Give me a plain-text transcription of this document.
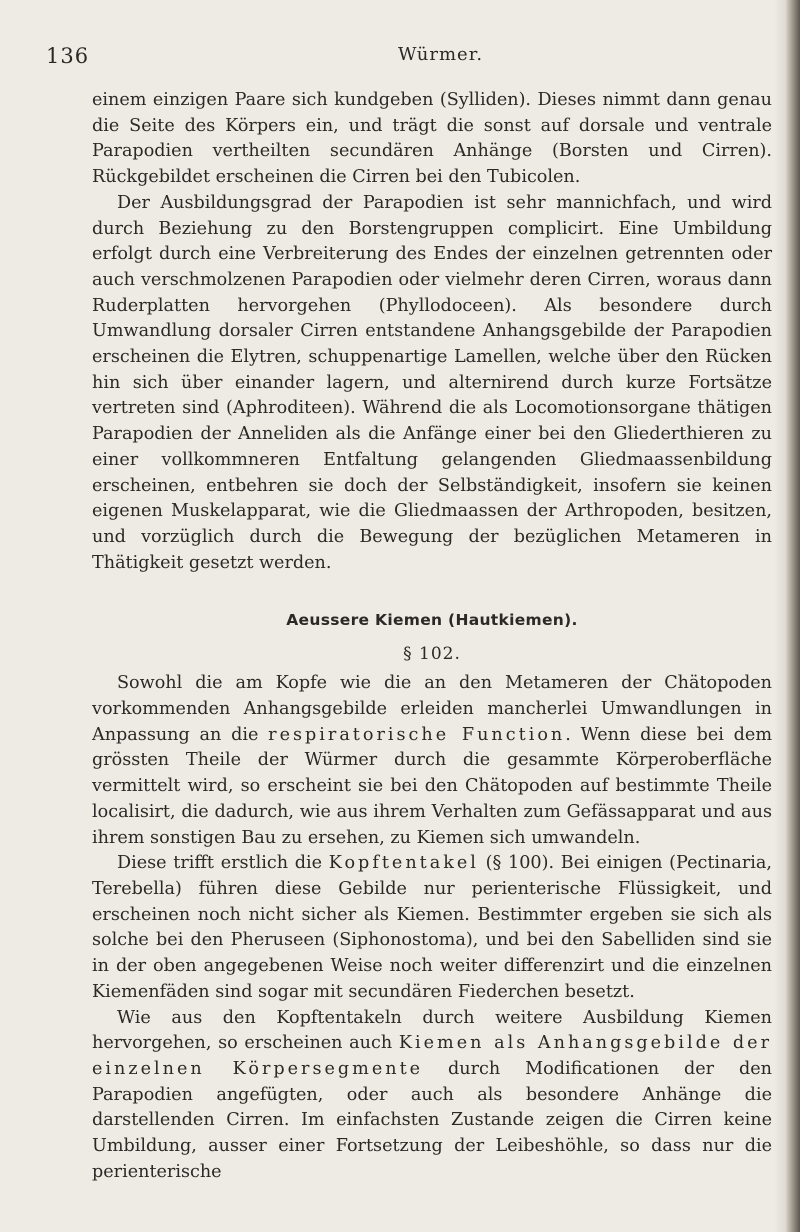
136	Würmer.

einem einzigen Paare sich kundgeben (Sylliden). Dieses nimmt dann genau die Seite des Körpers ein, und trägt die sonst auf dorsale und ventrale Parapodien vertheilten secundären Anhänge (Borsten und Cirren). Rückgebildet erscheinen die Cirren bei den Tubicolen.

Der Ausbildungsgrad der Parapodien ist sehr mannichfach, und wird durch Beziehung zu den Borstengruppen complicirt. Eine Umbildung erfolgt durch eine Verbreiterung des Endes der einzelnen getrennten oder auch verschmolzenen Parapodien oder vielmehr deren Cirren, woraus dann Ruderplatten hervorgehen (Phyllodoceen). Als besondere durch Umwandlung dorsaler Cirren entstandene Anhangsgebilde der Parapodien erscheinen die Elytren, schuppenartige Lamellen, welche über den Rücken hin sich über einander lagern, und alternirend durch kurze Fortsätze vertreten sind (Aphroditeen). Während die als Locomotionsorgane thätigen Parapodien der Anneliden als die Anfänge einer bei den Gliederthieren zu einer vollkommneren Entfaltung gelangenden Gliedmaassenbildung erscheinen, entbehren sie doch der Selbständigkeit, insofern sie keinen eigenen Muskelapparat, wie die Gliedmaassen der Arthropoden, besitzen, und vorzüglich durch die Bewegung der bezüglichen Metameren in Thätigkeit gesetzt werden.

Aeussere Kiemen (Hautkiemen).

§ 102.

Sowohl die am Kopfe wie die an den Metameren der Chätopoden vorkommenden Anhangsgebilde erleiden mancherlei Umwandlungen in Anpassung an die respiratorische Function. Wenn diese bei dem grössten Theile der Würmer durch die gesammte Körperoberfläche vermittelt wird, so erscheint sie bei den Chätopoden auf bestimmte Theile localisirt, die dadurch, wie aus ihrem Verhalten zum Gefässapparat und aus ihrem sonstigen Bau zu ersehen, zu Kiemen sich umwandeln.

Diese trifft erstlich die Kopftentakel (§ 100). Bei einigen (Pectinaria, Terebella) führen diese Gebilde nur perienterische Flüssigkeit, und erscheinen noch nicht sicher als Kiemen. Bestimmter ergeben sie sich als solche bei den Pheruseen (Siphonostoma), und bei den Sabelliden sind sie in der oben angegebenen Weise noch weiter differenzirt und die einzelnen Kiemenfäden sind sogar mit secundären Fiederchen besetzt.

Wie aus den Kopftentakeln durch weitere Ausbildung Kiemen hervorgehen, so erscheinen auch Kiemen als Anhangsgebilde der einzelnen Körpersegmente durch Modificationen der den Parapodien angefügten, oder auch als besondere Anhänge die darstellenden Cirren. Im einfachsten Zustande zeigen die Cirren keine Umbildung, ausser einer Fortsetzung der Leibeshöhle, so dass nur die perienterische
